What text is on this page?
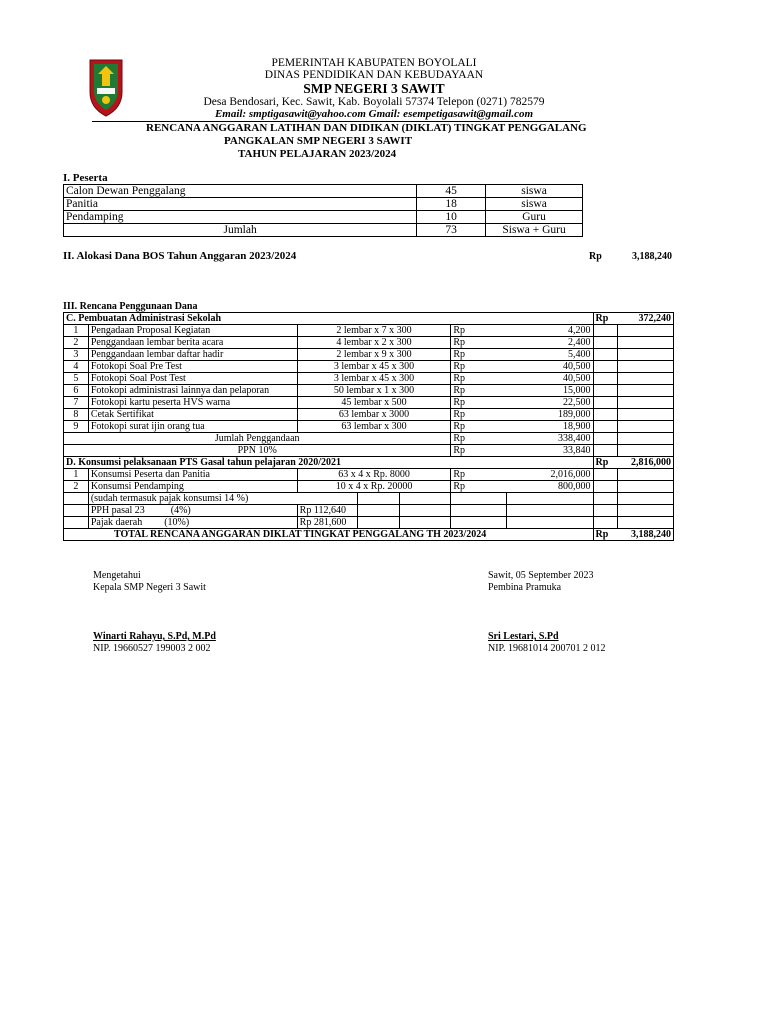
PEMERINTAH KABUPATEN BOYOLALI
DINAS PENDIDIKAN DAN KEBUDAYAAN
SMP NEGERI 3 SAWIT
Desa Bendosari, Kec. Sawit, Kab. Boyolali 57374 Telepon (0271) 782579
Email: smptigasawit@yahoo.com Gmail: esempetigasawit@gmail.com
RENCANA ANGGARAN LATIHAN DAN DIDIKAN (DIKLAT) TINGKAT PENGGALANG
PANGKALAN SMP NEGERI 3 SAWIT
TAHUN PELAJARAN 2023/2024
I. Peserta
Calon Dewan Penggalang	45	siswa
Panitia	18	siswa
Pendamping	10	Guru
Jumlah	73	Siswa + Guru
II. Alokasi Dana BOS Tahun Anggaran 2023/2024	Rp	3,188,240
III. Rencana Penggunaan Dana
C. Pembuatan Administrasi Sekolah							Rp	372,240
1	Pengadaan Proposal Kegiatan	2 lembar x 7 x 300			Rp	4,200		
2	Penggandaan lembar berita acara	4 lembar x 2 x 300			Rp	2,400		
3	Penggandaan lembar daftar hadir	2 lembar x 9 x 300			Rp	5,400		
4	Fotokopi Soal Pre Test	3 lembar x 45 x 300			Rp	40,500		
5	Fotokopi Soal Post Test	3 lembar x 45 x 300			Rp	40,500		
6	Fotokopi administrasi lainnya dan pelaporan	50 lembar x 1 x 300			Rp	15,000		
7	Fotokopi kartu peserta HVS warna	45 lembar x 500			Rp	22,500		
8	Cetak Sertifikat	63 lembar x 3000			Rp	189,000		
9	Fotokopi surat ijin orang tua	63 lembar x 300			Rp	18,900		
Jumlah Penggandaan					Rp	338,400		
PPN 10%					Rp	33,840		
D. Konsumsi pelaksanaan PTS Gasal tahun pelajaran 2020/2021							Rp	2,816,000
1	Konsumsi Peserta dan Panitia	63 x 4 x Rp. 8000			Rp	2,016,000		
2	Konsumsi Pendamping	10 x 4 x Rp. 20000			Rp	800,000		
	(sudah termasuk pajak konsumsi 14 %)							
	PPH pasal 23 (4%)	Rp 112,640						
	Pajak daerah (10%)	Rp 281,600						
TOTAL RENCANA ANGGARAN DIKLAT TINGKAT PENGGALANG TH 2023/2024							Rp	3,188,240
Mengetahui
Kepala SMP Negeri 3 Sawit
Winarti Rahayu, S.Pd, M.Pd
NIP. 19660527 199003 2 002
Sawit, 05 September 2023
Pembina Pramuka
Sri Lestari, S.Pd
NIP. 19681014 200701 2 012
